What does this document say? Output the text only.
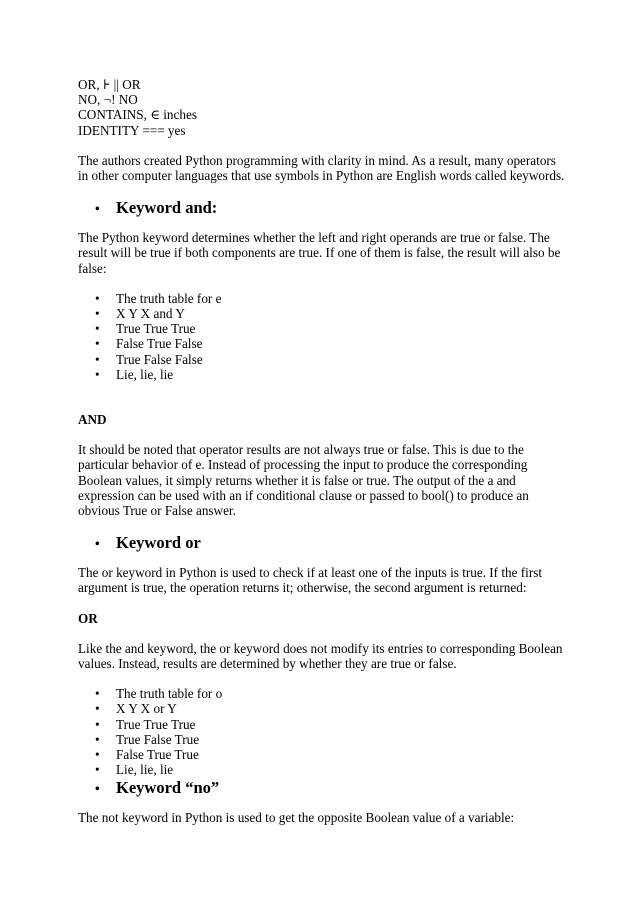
OR, ⊦ || OR
NO, ¬! NO
CONTAINS, ∈ inches
IDENTITY === yes

The authors created Python programming with clarity in mind. As a result, many operators in other computer languages that use symbols in Python are English words called keywords.

• Keyword and:

The Python keyword determines whether the left and right operands are true or false. The result will be true if both components are true. If one of them is false, the result will also be false:

• The truth table for e
• X Y X and Y
• True True True
• False True False
• True False False
• Lie, lie, lie

AND

It should be noted that operator results are not always true or false. This is due to the particular behavior of e. Instead of processing the input to produce the corresponding Boolean values, it simply returns whether it is false or true. The output of the a and expression can be used with an if conditional clause or passed to bool() to produce an obvious True or False answer.

• Keyword or

The or keyword in Python is used to check if at least one of the inputs is true. If the first argument is true, the operation returns it; otherwise, the second argument is returned:

OR

Like the and keyword, the or keyword does not modify its entries to corresponding Boolean values. Instead, results are determined by whether they are true or false.

• The truth table for o
• X Y X or Y
• True True True
• True False True
• False True True
• Lie, lie, lie
• Keyword “no”

The not keyword in Python is used to get the opposite Boolean value of a variable:
